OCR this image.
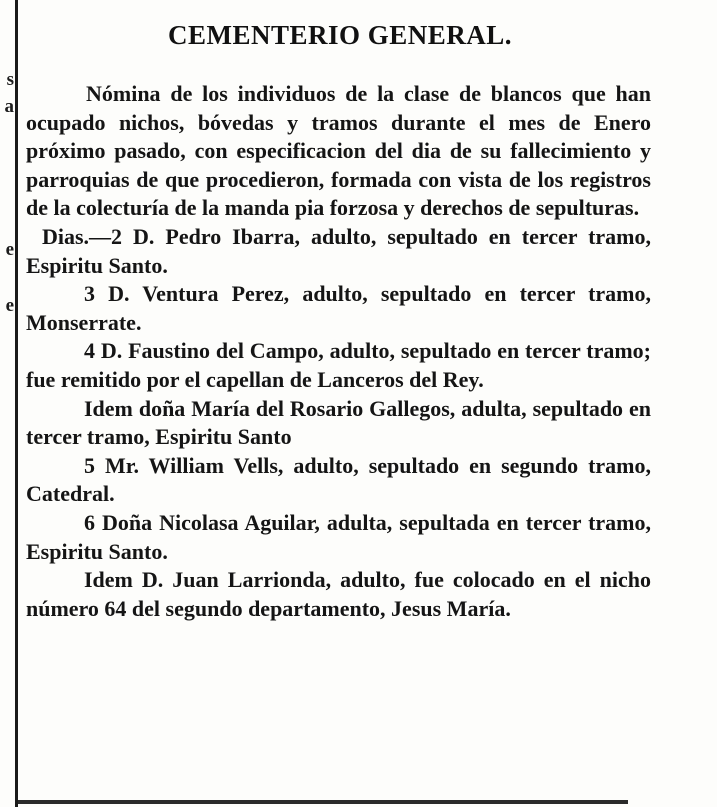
s
a
e
e
CEMENTERIO GENERAL.

Nómina de los individuos de la clase de blancos que han ocupado nichos, bóvedas y tramos durante el mes de Enero próximo pasado, con especificacion del dia de su fallecimiento y parroquias de que procedieron, formada con vista de los registros de la colecturía de la manda pia forzosa y derechos de sepulturas.

Dias.—2 D. Pedro Ibarra, adulto, sepultado en tercer tramo, Espiritu Santo.

3 D. Ventura Perez, adulto, sepultado en tercer tramo, Monserrate.

4 D. Faustino del Campo, adulto, sepultado en tercer tramo; fue remitido por el capellan de Lanceros del Rey.

Idem doña María del Rosario Gallegos, adulta, sepultado en tercer tramo, Espiritu Santo

5 Mr. William Vells, adulto, sepultado en segundo tramo, Catedral.

6 Doña Nicolasa Aguilar, adulta, sepultada en tercer tramo, Espiritu Santo.

Idem D. Juan Larrionda, adulto, fue colocado en el nicho número 64 del segundo departamento, Jesus María.
